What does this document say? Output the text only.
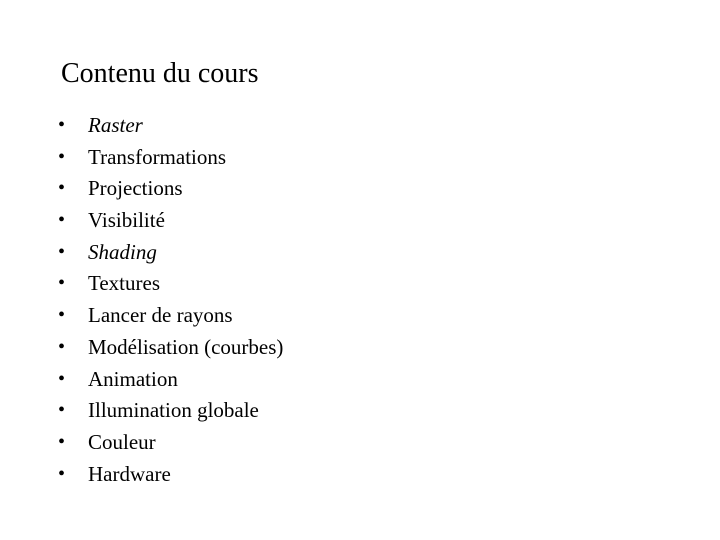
Contenu du cours
•	Raster
•	Transformations
•	Projections
•	Visibilité
•	Shading
•	Textures
•	Lancer de rayons
•	Modélisation (courbes)
•	Animation
•	Illumination globale
•	Couleur
•	Hardware
